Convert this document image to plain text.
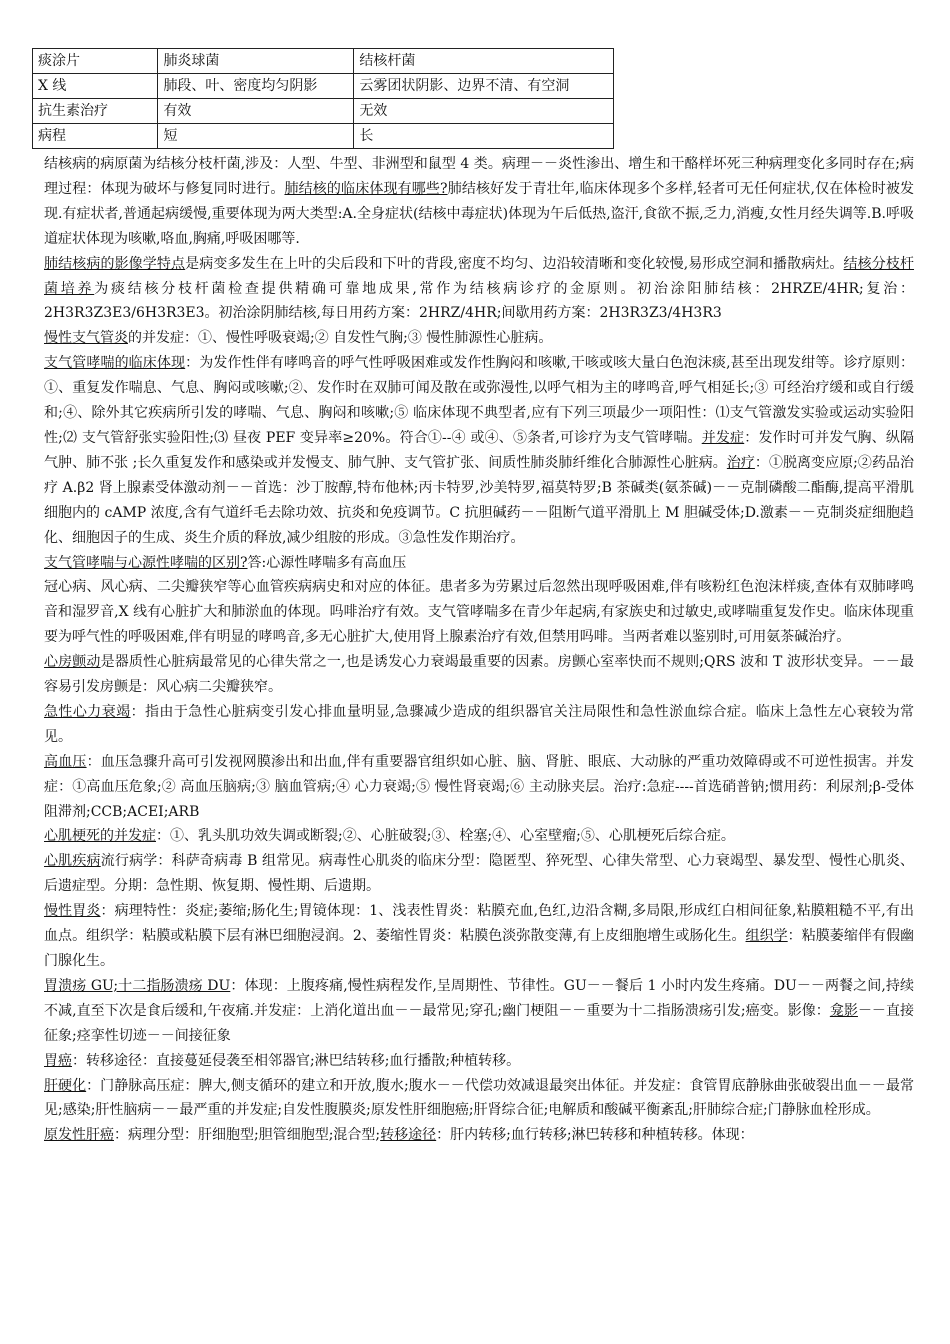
痰涂片	肺炎球菌	结核杆菌
X 线	肺段、叶、密度均匀阴影	云雾团状阴影、边界不清、有空洞
抗生素治疗	有效	无效
病程	短	长

结核病的病原菌为结核分枝杆菌,涉及：人型、牛型、非洲型和鼠型 4 类。病理－－炎性渗出、增生和干酪样坏死三种病理变化多同时存在;病理过程：体现为破坏与修复同时进行。肺结核的临床体现有哪些?肺结核好发于青壮年,临床体现多个多样,轻者可无任何症状,仅在体检时被发现.有症状者,普通起病缓慢,重要体现为两大类型:A.全身症状(结核中毒症状)体现为午后低热,盗汗,食欲不振,乏力,消瘦,女性月经失调等.B.呼吸道症状体现为咳嗽,咯血,胸痛,呼吸困哪等.

肺结核病的影像学特点是病变多发生在上叶的尖后段和下叶的背段,密度不均匀、边沿较清晰和变化较慢,易形成空洞和播散病灶。结核分枝杆菌培养为痰结核分枝杆菌检查提供精确可靠地成果,常作为结核病诊疗的金原则。初治涂阳肺结核：2HRZE/4HR;复治：2H3R3Z3E3/6H3R3E3。初治涂阴肺结核,每日用药方案：2HRZ/4HR;间歇用药方案：2H3R3Z3/4H3R3

慢性支气管炎的并发症：①、慢性呼吸衰竭;② 自发性气胸;③ 慢性肺源性心脏病。

支气管哮喘的临床体现：为发作性伴有哮鸣音的呼气性呼吸困难或发作性胸闷和咳嗽,干咳或咳大量白色泡沫痰,甚至出现发绀等。诊疗原则：①、重复发作喘息、气息、胸闷或咳嗽;②、发作时在双肺可闻及散在或弥漫性,以呼气相为主的哮鸣音,呼气相延长;③ 可经治疗缓和或自行缓和;④、除外其它疾病所引发的哮喘、气息、胸闷和咳嗽;⑤ 临床体现不典型者,应有下列三项最少一项阳性：⑴支气管激发实验或运动实验阳性;⑵ 支气管舒张实验阳性;⑶ 昼夜 PEF 变异率≥20%。符合①--④ 或④、⑤条者,可诊疗为支气管哮喘。并发症：发作时可并发气胸、纵隔气肿、肺不张 ;长久重复发作和感染或并发慢支、肺气肿、支气管扩张、间质性肺炎肺纤维化合肺源性心脏病。治疗：①脱离变应原;②药品治疗 A.β2 肾上腺素受体激动剂－－首选：沙丁胺醇,特布他林;丙卡特罗,沙美特罗,福莫特罗;B 茶碱类(氨茶碱)－－克制磷酸二酯酶,提高平滑肌细胞内的 cAMP 浓度,含有气道纤毛去除功效、抗炎和免疫调节。C 抗胆碱药－－阻断气道平滑肌上 M 胆碱受体;D.激素－－克制炎症细胞趋化、细胞因子的生成、炎生介质的释放,减少组胺的形成。③急性发作期治疗。

支气管哮喘与心源性哮喘的区别?答:心源性哮喘多有高血压

冠心病、风心病、二尖瓣狭窄等心血管疾病病史和对应的体征。患者多为劳累过后忽然出现呼吸困难,伴有咳粉红色泡沫样痰,查体有双肺哮鸣音和湿罗音,X 线有心脏扩大和肺淤血的体现。吗啡治疗有效。支气管哮喘多在青少年起病,有家族史和过敏史,或哮喘重复发作史。临床体现重要为呼气性的呼吸困难,伴有明显的哮鸣音,多无心脏扩大,使用肾上腺素治疗有效,但禁用吗啡。当两者难以鉴别时,可用氨茶碱治疗。

心房颤动是器质性心脏病最常见的心律失常之一,也是诱发心力衰竭最重要的因素。房颤心室率快而不规则;QRS 波和 T 波形状变异。－－最容易引发房颤是：风心病二尖瓣狭窄。

急性心力衰竭：指由于急性心脏病变引发心排血量明显,急骤减少造成的组织器官关注局限性和急性淤血综合症。临床上急性左心衰较为常见。

高血压：血压急骤升高可引发视网膜渗出和出血,伴有重要器官组织如心脏、脑、肾脏、眼底、大动脉的严重功效障碍或不可逆性损害。并发症：①高血压危象;② 高血压脑病;③ 脑血管病;④ 心力衰竭;⑤ 慢性肾衰竭;⑥ 主动脉夹层。治疗:急症----首选硝普钠;惯用药：利尿剂;β-受体阻滞剂;CCB;ACEI;ARB

心肌梗死的并发症：①、乳头肌功效失调或断裂;②、心脏破裂;③、栓塞;④、心室壁瘤;⑤、心肌梗死后综合症。

心肌疾病流行病学：科萨奇病毒 B 组常见。病毒性心肌炎的临床分型：隐匿型、猝死型、心律失常型、心力衰竭型、暴发型、慢性心肌炎、后遗症型。分期：急性期、恢复期、慢性期、后遗期。

慢性胃炎：病理特性：炎症;萎缩;肠化生;胃镜体现：1、浅表性胃炎：粘膜充血,色红,边沿含糊,多局限,形成红白相间征象,粘膜粗糙不平,有出血点。组织学：粘膜或粘膜下层有淋巴细胞浸润。2、萎缩性胃炎：粘膜色淡弥散变薄,有上皮细胞增生或肠化生。组织学：粘膜萎缩伴有假幽门腺化生。

胃溃疡 GU;十二指肠溃疡 DU：体现：上腹疼痛,慢性病程发作,呈周期性、节律性。GU－－餐后 1 小时内发生疼痛。DU－－两餐之间,持续不减,直至下次是食后缓和,午夜痛.并发症：上消化道出血－－最常见;穿孔;幽门梗阻－－重要为十二指肠溃疡引发;癌变。影像：龛影－－直接征象;痉挛性切迹－－间接征象

胃癌：转移途径：直接蔓延侵袭至相邻器官;淋巴结转移;血行播散;种植转移。

肝硬化：门静脉高压症：脾大,侧支循环的建立和开放,腹水;腹水－－代偿功效减退最突出体征。并发症：食管胃底静脉曲张破裂出血－－最常见;感染;肝性脑病－－最严重的并发症;自发性腹膜炎;原发性肝细胞癌;肝肾综合征;电解质和酸碱平衡紊乱;肝肺综合症;门静脉血栓形成。

原发性肝癌：病理分型：肝细胞型;胆管细胞型;混合型;转移途径：肝内转移;血行转移;淋巴转移和种植转移。体现：
